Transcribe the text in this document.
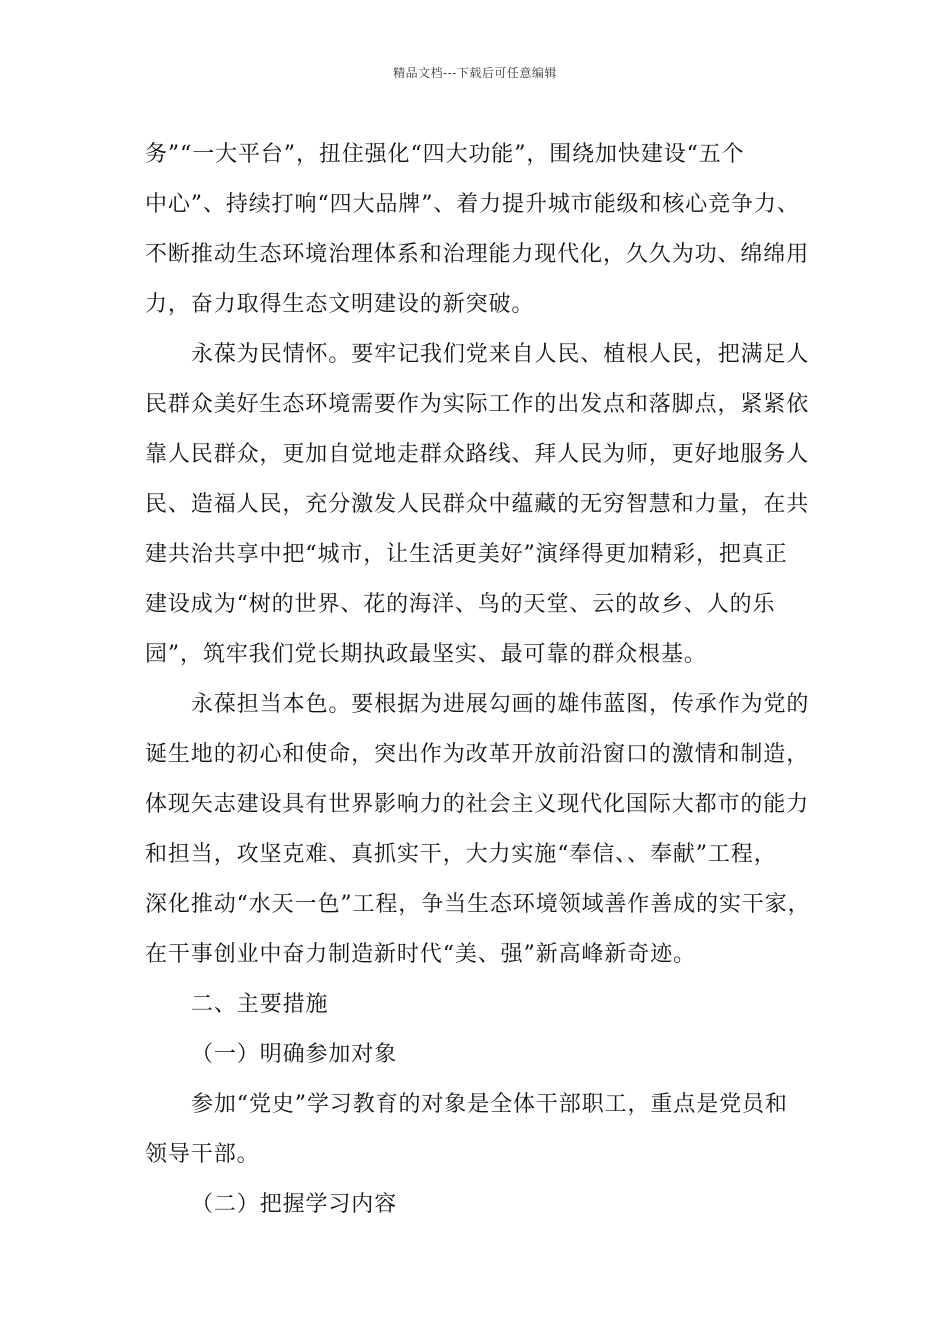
精品文档---下载后可任意编辑
务”“一大平台”，扭住强化“四大功能”，围绕加快建设“五个
中心”、持续打响“四大品牌”、着力提升城市能级和核心竞争力、
不断推动生态环境治理体系和治理能力现代化，久久为功、绵绵用
力，奋力取得生态文明建设的新突破。
永葆为民情怀。要牢记我们党来自人民、植根人民，把满足人
民群众美好生态环境需要作为实际工作的出发点和落脚点，紧紧依
靠人民群众，更加自觉地走群众路线、拜人民为师，更好地服务人
民、造福人民，充分激发人民群众中蕴藏的无穷智慧和力量，在共
建共治共享中把“城市，让生活更美好”演绎得更加精彩，把真正
建设成为“树的世界、花的海洋、鸟的天堂、云的故乡、人的乐
园”，筑牢我们党长期执政最坚实、最可靠的群众根基。
永葆担当本色。要根据为进展勾画的雄伟蓝图，传承作为党的
诞生地的初心和使命，突出作为改革开放前沿窗口的激情和制造，
体现矢志建设具有世界影响力的社会主义现代化国际大都市的能力
和担当，攻坚克难、真抓实干，大力实施“奉信、、奉献”工程，
深化推动“水天一色”工程，争当生态环境领域善作善成的实干家，
在干事创业中奋力制造新时代“美、强”新高峰新奇迹。
二、主要措施
（一）明确参加对象
参加“党史”学习教育的对象是全体干部职工，重点是党员和
领导干部。
（二）把握学习内容
